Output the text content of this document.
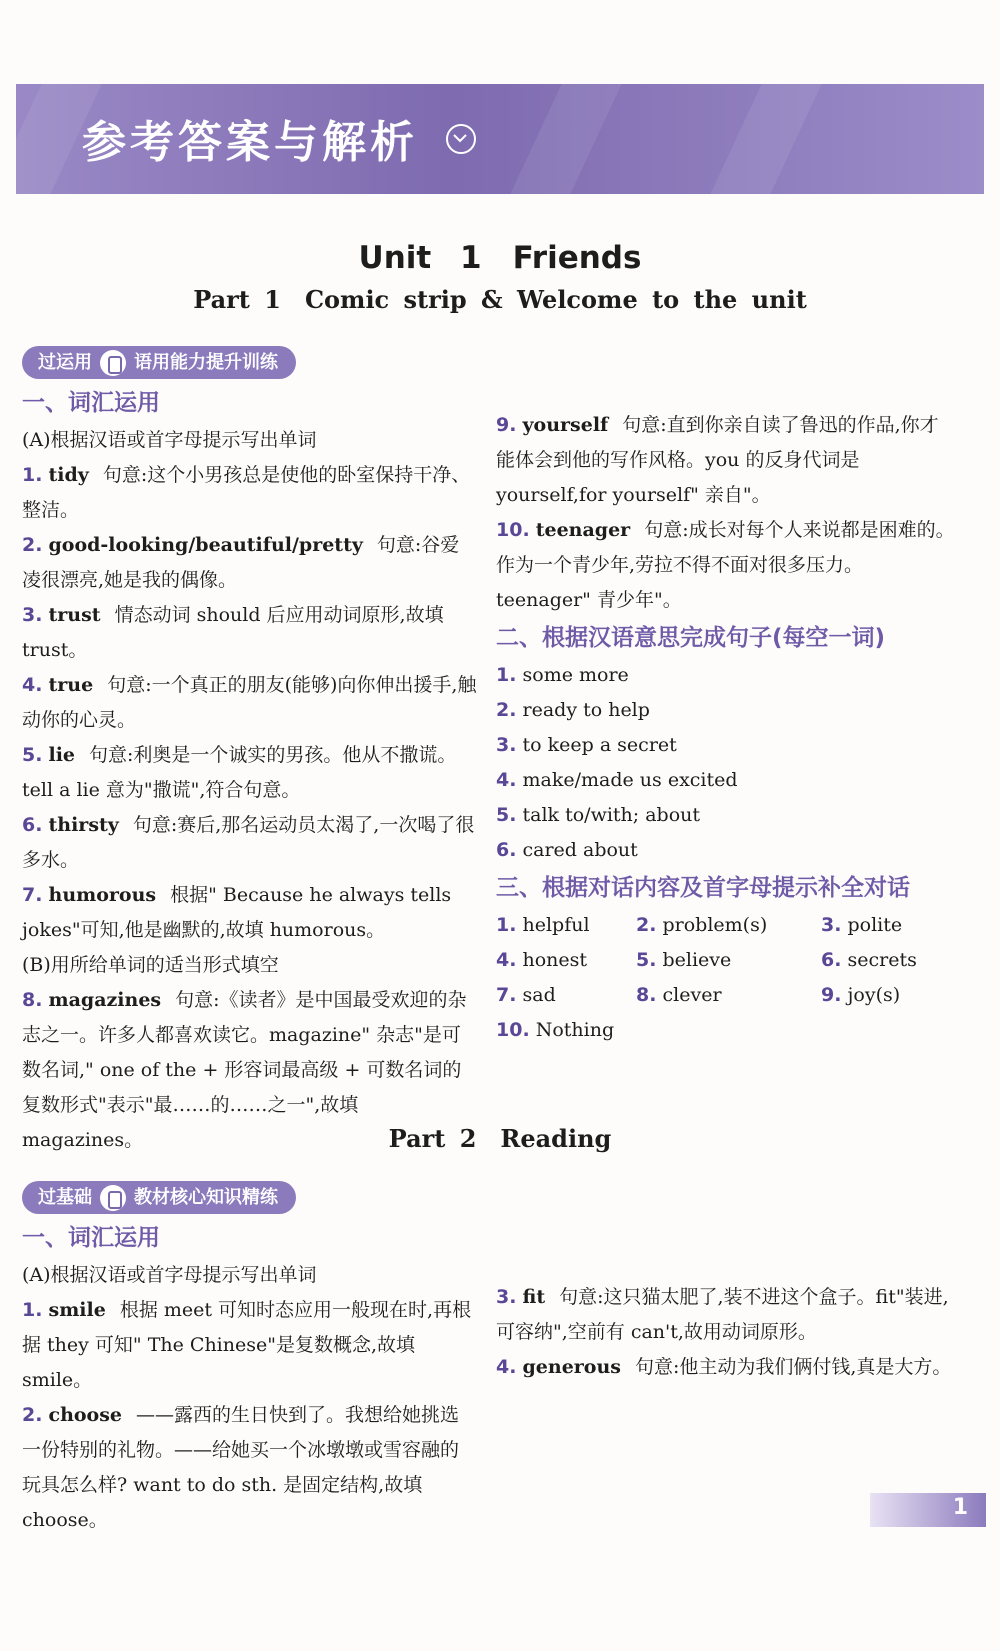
参考答案与解析
Unit 1　Friends
Part 1　Comic strip & Welcome to the unit
过运用 语用能力提升训练
一、词汇运用
(A)根据汉语或首字母提示写出单词
1. tidy 句意:这个小男孩总是使他的卧室保持干净、整洁。
2. good-looking/beautiful/pretty 句意:谷爱凌很漂亮,她是我的偶像。
3. trust 情态动词 should 后应用动词原形,故填 trust。
4. true 句意:一个真正的朋友(能够)向你伸出援手,触动你的心灵。
5. lie 句意:利奥是一个诚实的男孩。他从不撒谎。tell a lie 意为"撒谎",符合句意。
6. thirsty 句意:赛后,那名运动员太渴了,一次喝了很多水。
7. humorous 根据" Because he always tells jokes"可知,他是幽默的,故填 humorous。
(B)用所给单词的适当形式填空
8. magazines 句意:《读者》是中国最受欢迎的杂志之一。许多人都喜欢读它。magazine" 杂志"是可数名词," one of the + 形容词最高级 + 可数名词的复数形式"表示"最……的……之一",故填 magazines。
9. yourself 句意:直到你亲自读了鲁迅的作品,你才能体会到他的写作风格。you 的反身代词是 yourself,for yourself" 亲自"。
10. teenager 句意:成长对每个人来说都是困难的。作为一个青少年,劳拉不得不面对很多压力。teenager" 青少年"。
二、根据汉语意思完成句子(每空一词)
1. some more
2. ready to help
3. to keep a secret
4. make/made us excited
5. talk to/with; about
6. cared about
三、根据对话内容及首字母提示补全对话
1. helpful	2. problem(s)	3. polite
4. honest	5. believe	6. secrets
7. sad	8. clever	9. joy(s)
10. Nothing
Part 2　Reading
过基础 教材核心知识精练
一、词汇运用
(A)根据汉语或首字母提示写出单词
1. smile 根据 meet 可知时态应用一般现在时,再根据 they 可知" The Chinese"是复数概念,故填 smile。
2. choose ——露西的生日快到了。我想给她挑选一份特别的礼物。——给她买一个冰墩墩或雪容融的玩具怎么样? want to do sth. 是固定结构,故填 choose。
3. fit 句意:这只猫太肥了,装不进这个盒子。fit"装进,可容纳",空前有 can't,故用动词原形。
4. generous 句意:他主动为我们俩付钱,真是大方。
1
